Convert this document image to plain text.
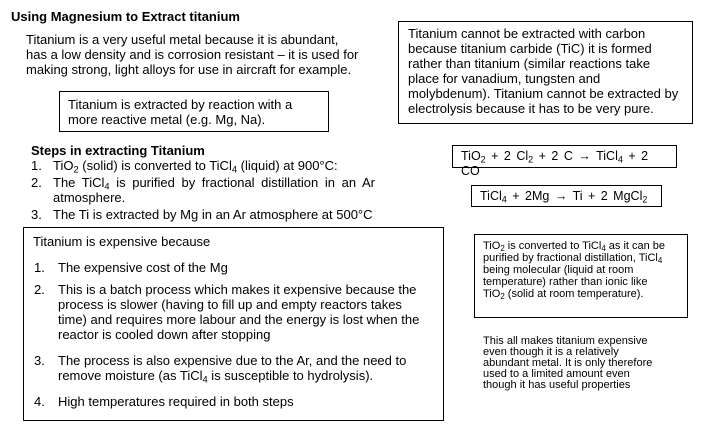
Using Magnesium to Extract titanium
Titanium is a very useful metal because it is abundant,
has a low density and is corrosion resistant – it is used for
making strong, light alloys for use in aircraft for example.
Titanium is extracted by reaction with a
more reactive metal (e.g. Mg, Na).
Titanium cannot be extracted with carbon
because titanium carbide (TiC) it is formed
rather than titanium (similar reactions take
place for vanadium, tungsten and
molybdenum). Titanium cannot be extracted by
electrolysis because it has to be very pure.
Steps in extracting Titanium
1. TiO$_2$ (solid) is converted to TiCl$_4$ (liquid) at 900°C:
2. The TiCl$_4$ is purified by fractional distillation in an Ar
atmosphere.
3. The Ti is extracted by Mg in an Ar atmosphere at 500°C
TiO$_2$ + 2 $Cl_2 + 2$ C → TiCl$_4$ + 2 CO
TiCl$_4$ + 2Mg → Ti + 2 MgCl$_2$
Titanium is expensive because
1. The expensive cost of the Mg
2. This is a batch process which makes it expensive because the
process is slower (having to fill up and empty reactors takes
time) and requires more labour and the energy is lost when the
reactor is cooled down after stopping
3. The process is also expensive due to the Ar, and the need to
remove moisture (as TiCl$_4$ is susceptible to hydrolysis).
4. High temperatures required in both steps
TiO$_2$ is converted to TiCl$_4$ as it can be
purified by fractional distillation, TiCl$_4$
being molecular (liquid at room
temperature) rather than ionic like
TiO$_2$ (solid at room temperature).
This all makes titanium expensive
even though it is a relatively
abundant metal. It is only therefore
used to a limited amount even
though it has useful properties
